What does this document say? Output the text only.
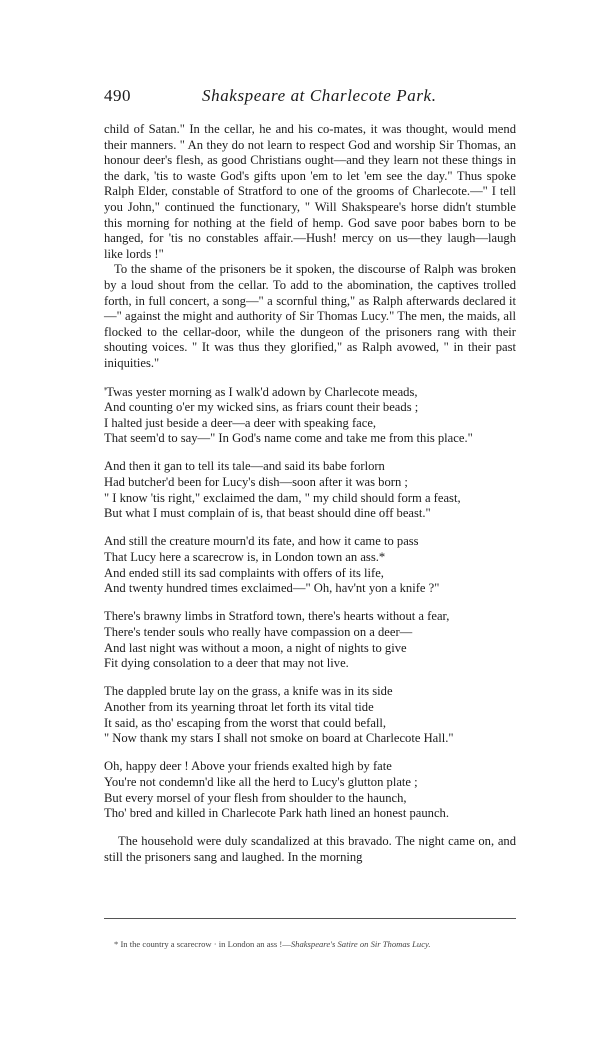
490	Shakspeare at Charlecote Park.

child of Satan." In the cellar, he and his co-mates, it was thought, would mend their manners. " An they do not learn to respect God and worship Sir Thomas, an honour deer's flesh, as good Christians ought—and they learn not these things in the dark, 'tis to waste God's gifts upon 'em to let 'em see the day." Thus spoke Ralph Elder, constable of Stratford to one of the grooms of Charlecote.—" I tell you John," continued the functionary, " Will Shakspeare's horse didn't stumble this morning for nothing at the field of hemp. God save poor babes born to be hanged, for 'tis no constables affair.—Hush! mercy on us—they laugh—laugh like lords !"

To the shame of the prisoners be it spoken, the discourse of Ralph was broken by a loud shout from the cellar. To add to the abomination, the captives trolled forth, in full concert, a song—" a scornful thing," as Ralph afterwards declared it—" against the might and authority of Sir Thomas Lucy." The men, the maids, all flocked to the cellar-door, while the dungeon of the prisoners rang with their shouting voices. " It was thus they glorified," as Ralph avowed, " in their past iniquities."

'Twas yester morning as I walk'd adown by Charlecote meads,
And counting o'er my wicked sins, as friars count their beads ;
I halted just beside a deer—a deer with speaking face,
That seem'd to say—" In God's name come and take me from this place."
And then it gan to tell its tale—and said its babe forlorn
Had butcher'd been for Lucy's dish—soon after it was born ;
" I know 'tis right," exclaimed the dam, " my child should form a feast,
But what I must complain of is, that beast should dine off beast."
And still the creature mourn'd its fate, and how it came to pass
That Lucy here a scarecrow is, in London town an ass.*
And ended still its sad complaints with offers of its life,
And twenty hundred times exclaimed—" Oh, hav'nt yon a knife ?"
There's brawny limbs in Stratford town, there's hearts without a fear,
There's tender souls who really have compassion on a deer—
And last night was without a moon, a night of nights to give
Fit dying consolation to a deer that may not live.
The dappled brute lay on the grass, a knife was in its side
Another from its yearning throat let forth its vital tide
It said, as tho' escaping from the worst that could befall,
" Now thank my stars I shall not smoke on board at Charlecote Hall."
Oh, happy deer ! Above your friends exalted high by fate
You're not condemn'd like all the herd to Lucy's glutton plate ;
But every morsel of your flesh from shoulder to the haunch,
Tho' bred and killed in Charlecote Park hath lined an honest paunch.

The household were duly scandalized at this bravado. The night came on, and still the prisoners sang and laughed. In the morning

* In the country a scarecrow · in London an ass !—Shakspeare's Satire on Sir Thomas Lucy.
